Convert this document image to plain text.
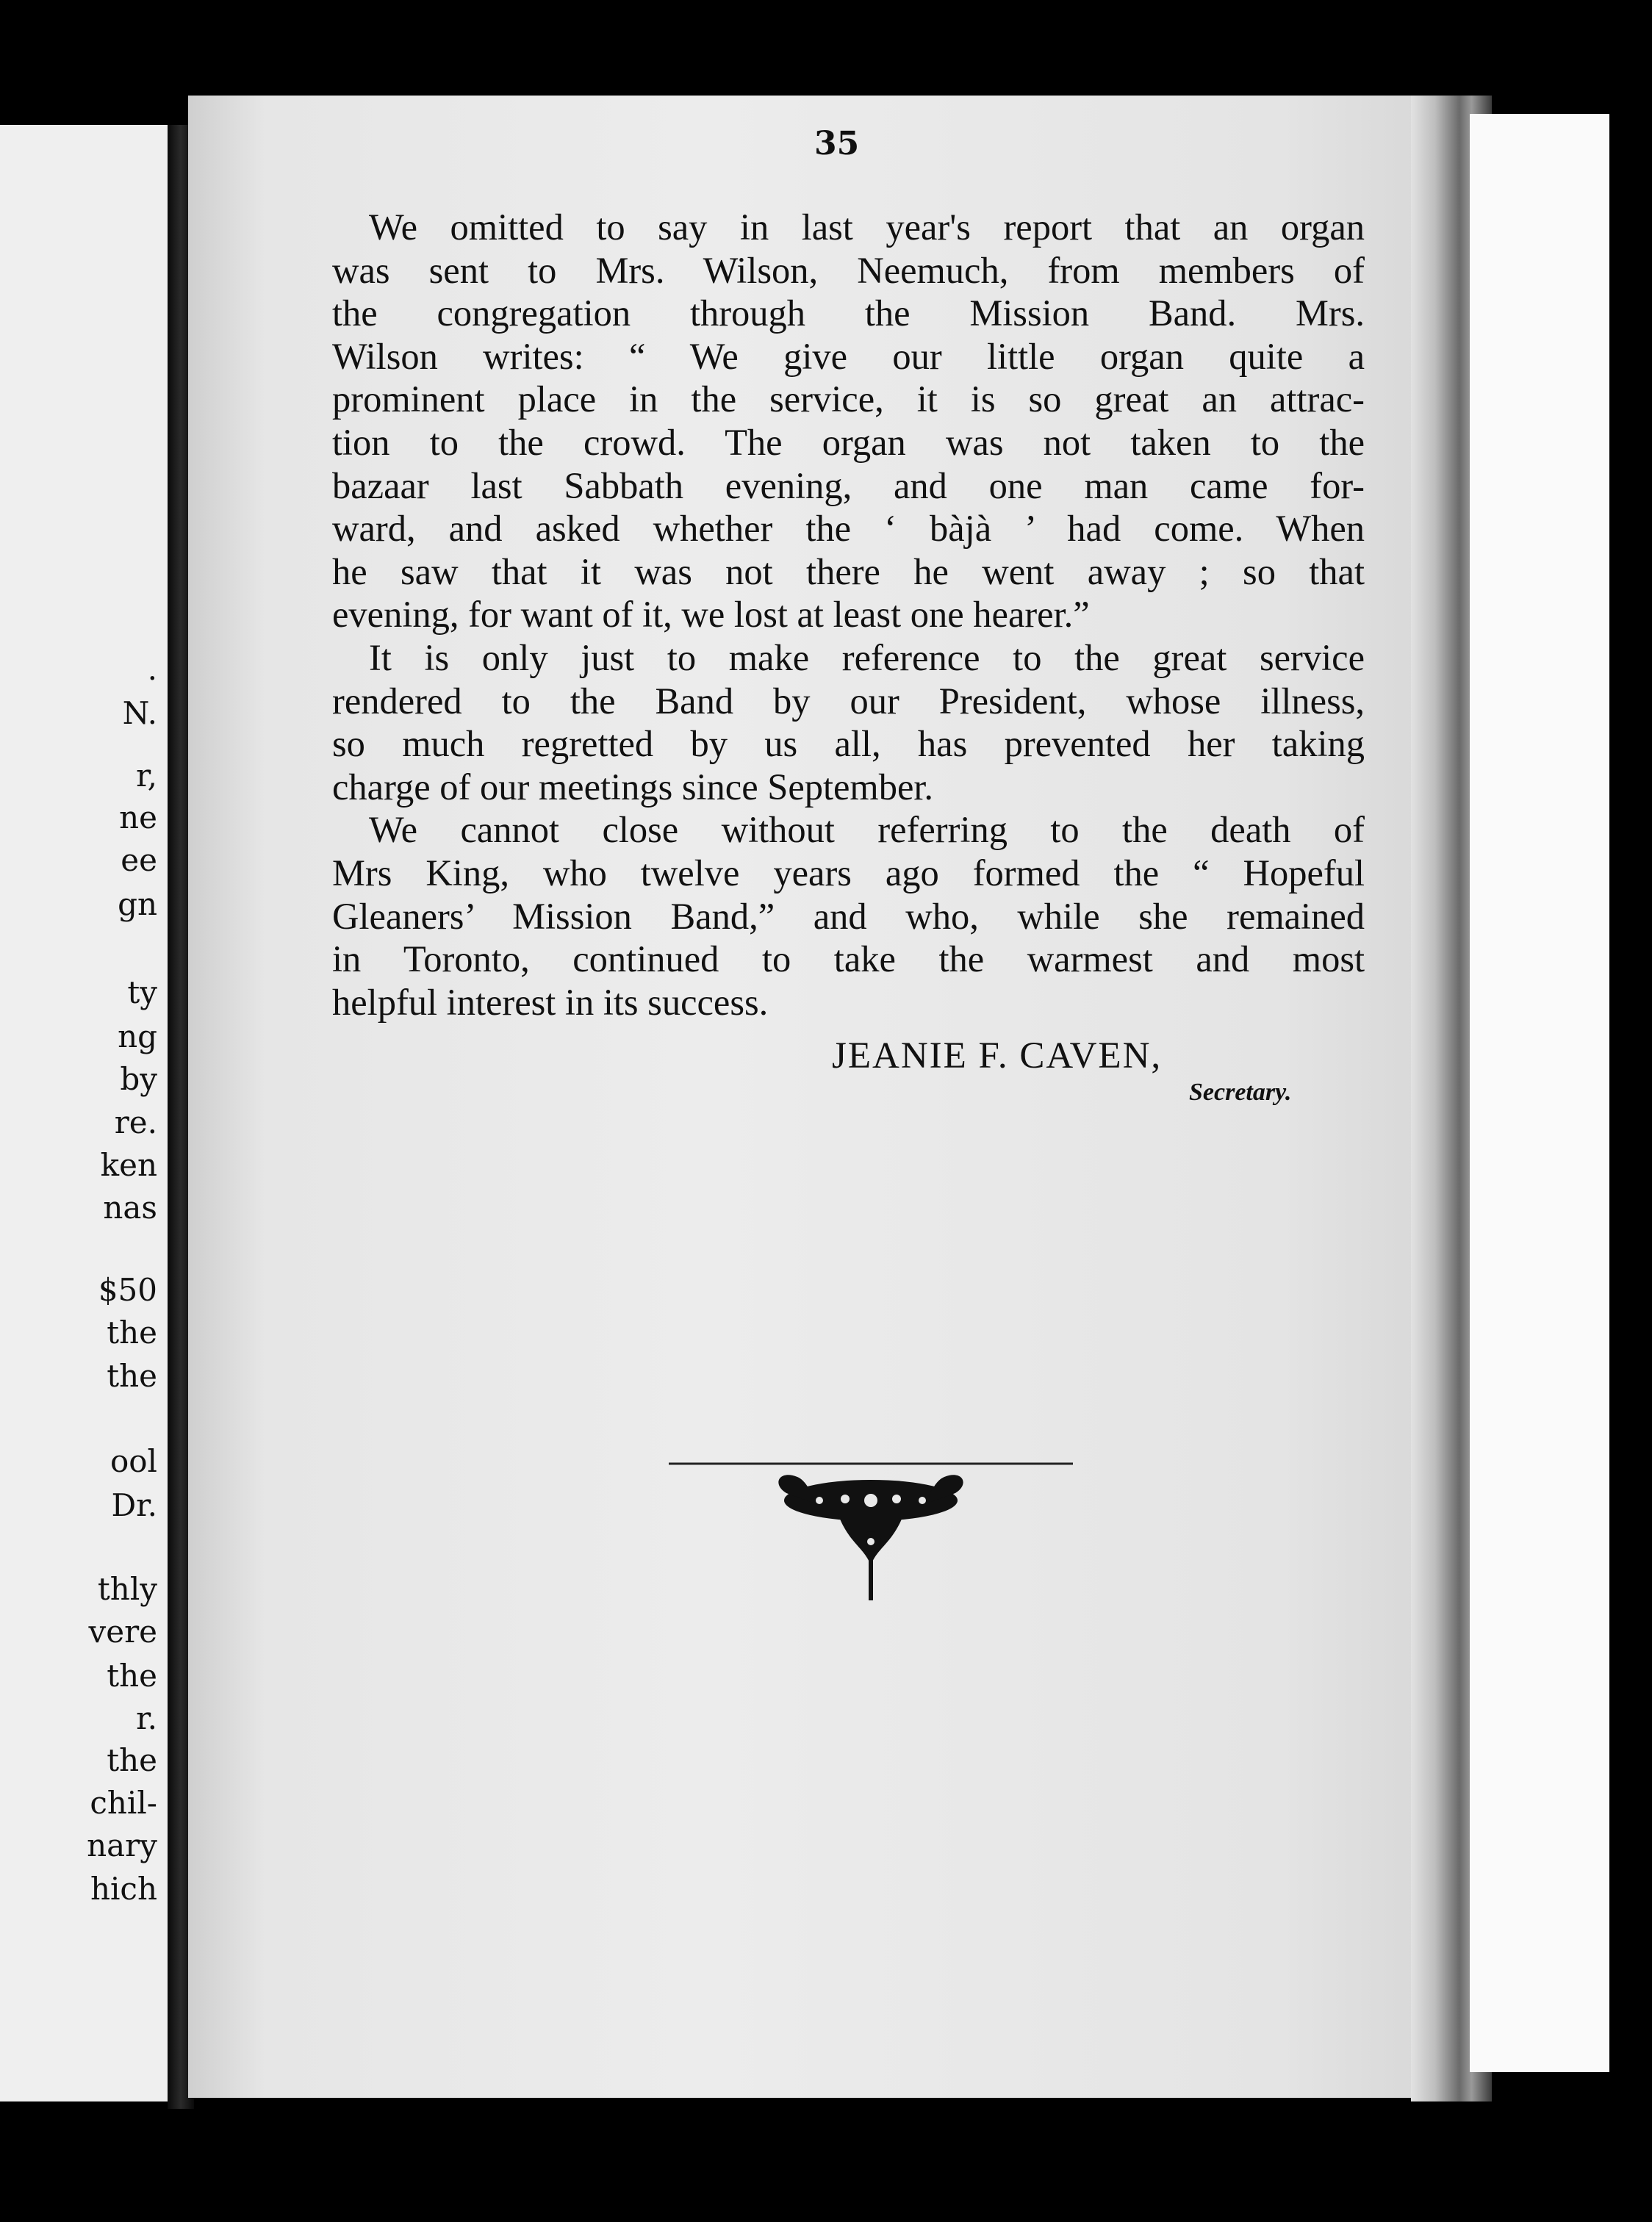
.
N.
r,
ne
ee
gn
ty
ng
by
re.
ken
nas
$50
the
the
ool
Dr.
thly
vere
the
r.
the
chil-
nary
hich
35

We omitted to say in last year's report that an organ
was sent to Mrs. Wilson, Neemuch, from members of
the congregation through the Mission Band. Mrs.
Wilson writes: “ We give our little organ quite a
prominent place in the service, it is so great an attrac-
tion to the crowd. The organ was not taken to the
bazaar last Sabbath evening, and one man came for-
ward, and asked whether the ‘ bàjà ’ had come. When
he saw that it was not there he went away ; so that
evening, for want of it, we lost at least one hearer.”

It is only just to make reference to the great service
rendered to the Band by our President, whose illness,
so much regretted by us all, has prevented her taking
charge of our meetings since September.

We cannot close without referring to the death of
Mrs King, who twelve years ago formed the “ Hopeful
Gleaners’ Mission Band,” and who, while she remained
in Toronto, continued to take the warmest and most
helpful interest in its success.

JEANIE F. CAVEN,
Secretary.
